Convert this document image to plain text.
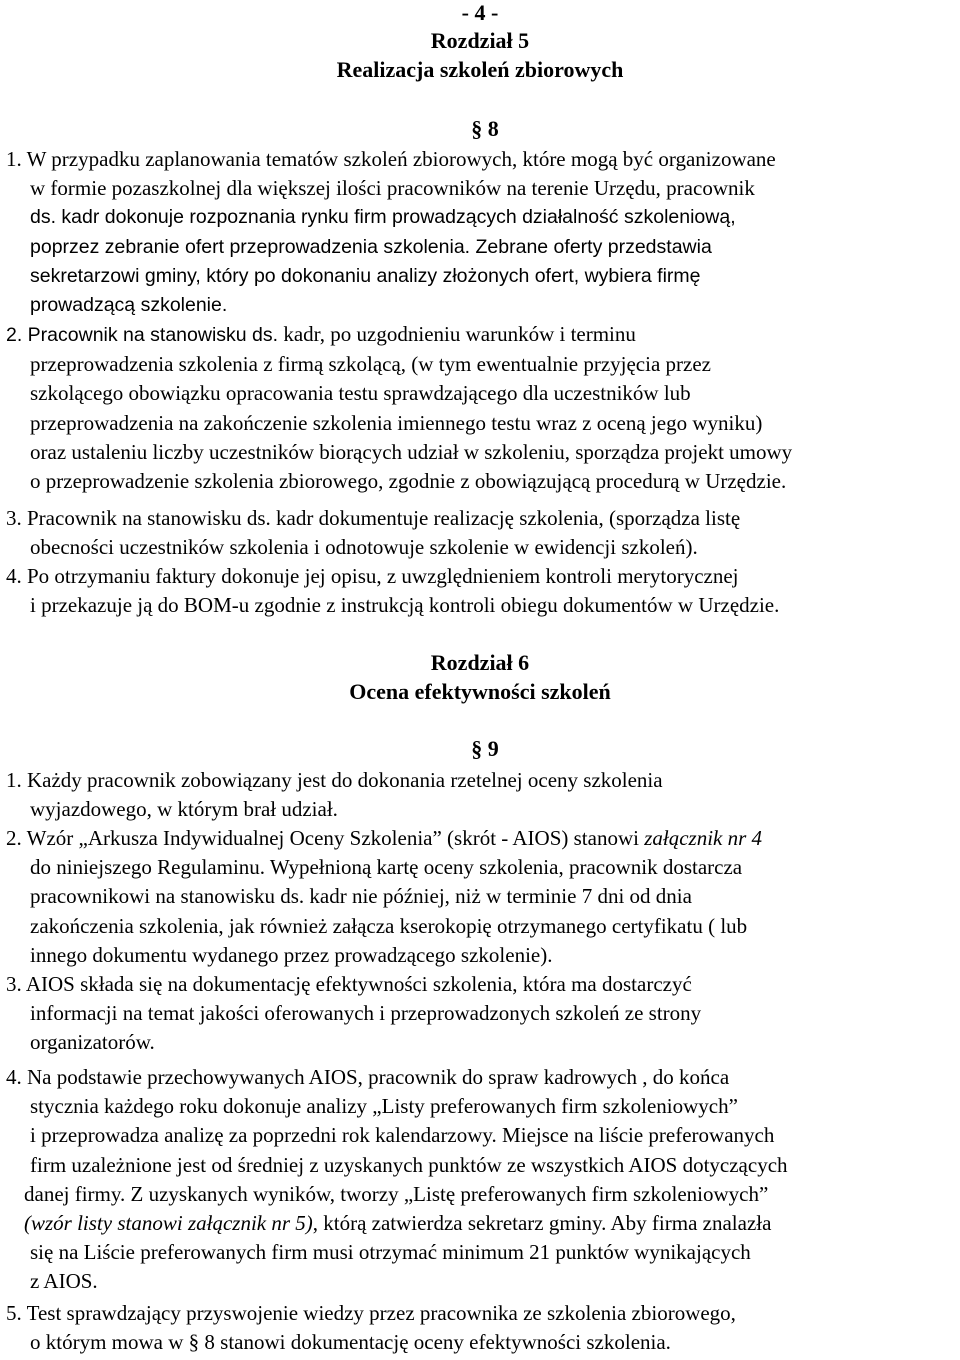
- 4 -
Rozdział 5
Realizacja szkoleń zbiorowych
§ 8
1. W przypadku zaplanowania tematów szkoleń zbiorowych, które mogą być organizowane
w formie pozaszkolnej dla większej ilości pracowników na terenie Urzędu, pracownik
ds. kadr dokonuje rozpoznania rynku firm prowadzących działalność szkoleniową,
poprzez zebranie ofert przeprowadzenia szkolenia. Zebrane oferty przedstawia
sekretarzowi gminy, który po dokonaniu analizy złożonych ofert, wybiera firmę
prowadzącą szkolenie.
2. Pracownik na stanowisku ds. kadr, po uzgodnieniu warunków i terminu
przeprowadzenia szkolenia z firmą szkolącą, (w tym ewentualnie przyjęcia przez
szkolącego obowiązku opracowania testu sprawdzającego dla uczestników lub
przeprowadzenia na zakończenie szkolenia imiennego testu wraz z oceną jego wyniku)
oraz ustaleniu liczby uczestników biorących udział w szkoleniu, sporządza projekt umowy
o przeprowadzenie szkolenia zbiorowego, zgodnie z obowiązującą procedurą w Urzędzie.
3. Pracownik na stanowisku ds. kadr dokumentuje realizację szkolenia, (sporządza listę
obecności uczestników szkolenia i odnotowuje szkolenie w ewidencji szkoleń).
4. Po otrzymaniu faktury dokonuje jej opisu, z uwzględnieniem kontroli merytorycznej
i przekazuje ją do BOM-u zgodnie z instrukcją kontroli obiegu dokumentów w Urzędzie.
Rozdział 6
Ocena efektywności szkoleń
§ 9
1. Każdy pracownik zobowiązany jest do dokonania rzetelnej oceny szkolenia
wyjazdowego, w którym brał udział.
2. Wzór „Arkusza Indywidualnej Oceny Szkolenia” (skrót - AIOS) stanowi załącznik nr 4
do niniejszego Regulaminu. Wypełnioną kartę oceny szkolenia, pracownik dostarcza
pracownikowi na stanowisku ds. kadr nie później, niż w terminie 7 dni od dnia
zakończenia szkolenia, jak również załącza kserokopię otrzymanego certyfikatu ( lub
innego dokumentu wydanego przez prowadzącego szkolenie).
3. AIOS składa się na dokumentację efektywności szkolenia, która ma dostarczyć
informacji na temat jakości oferowanych i przeprowadzonych szkoleń ze strony
organizatorów.
4. Na podstawie przechowywanych AIOS, pracownik do spraw kadrowych , do końca
stycznia każdego roku dokonuje analizy „Listy preferowanych firm szkoleniowych”
i przeprowadza analizę za poprzedni rok kalendarzowy. Miejsce na liście preferowanych
firm uzależnione jest od średniej z uzyskanych punktów ze wszystkich AIOS dotyczących
danej firmy. Z uzyskanych wyników, tworzy „Listę preferowanych firm szkoleniowych”
(wzór listy stanowi załącznik nr 5), którą zatwierdza sekretarz gminy. Aby firma znalazła
się na Liście preferowanych firm musi otrzymać minimum 21 punktów wynikających
z AIOS.
5. Test sprawdzający przyswojenie wiedzy przez pracownika ze szkolenia zbiorowego,
o którym mowa w § 8 stanowi dokumentację oceny efektywności szkolenia.
